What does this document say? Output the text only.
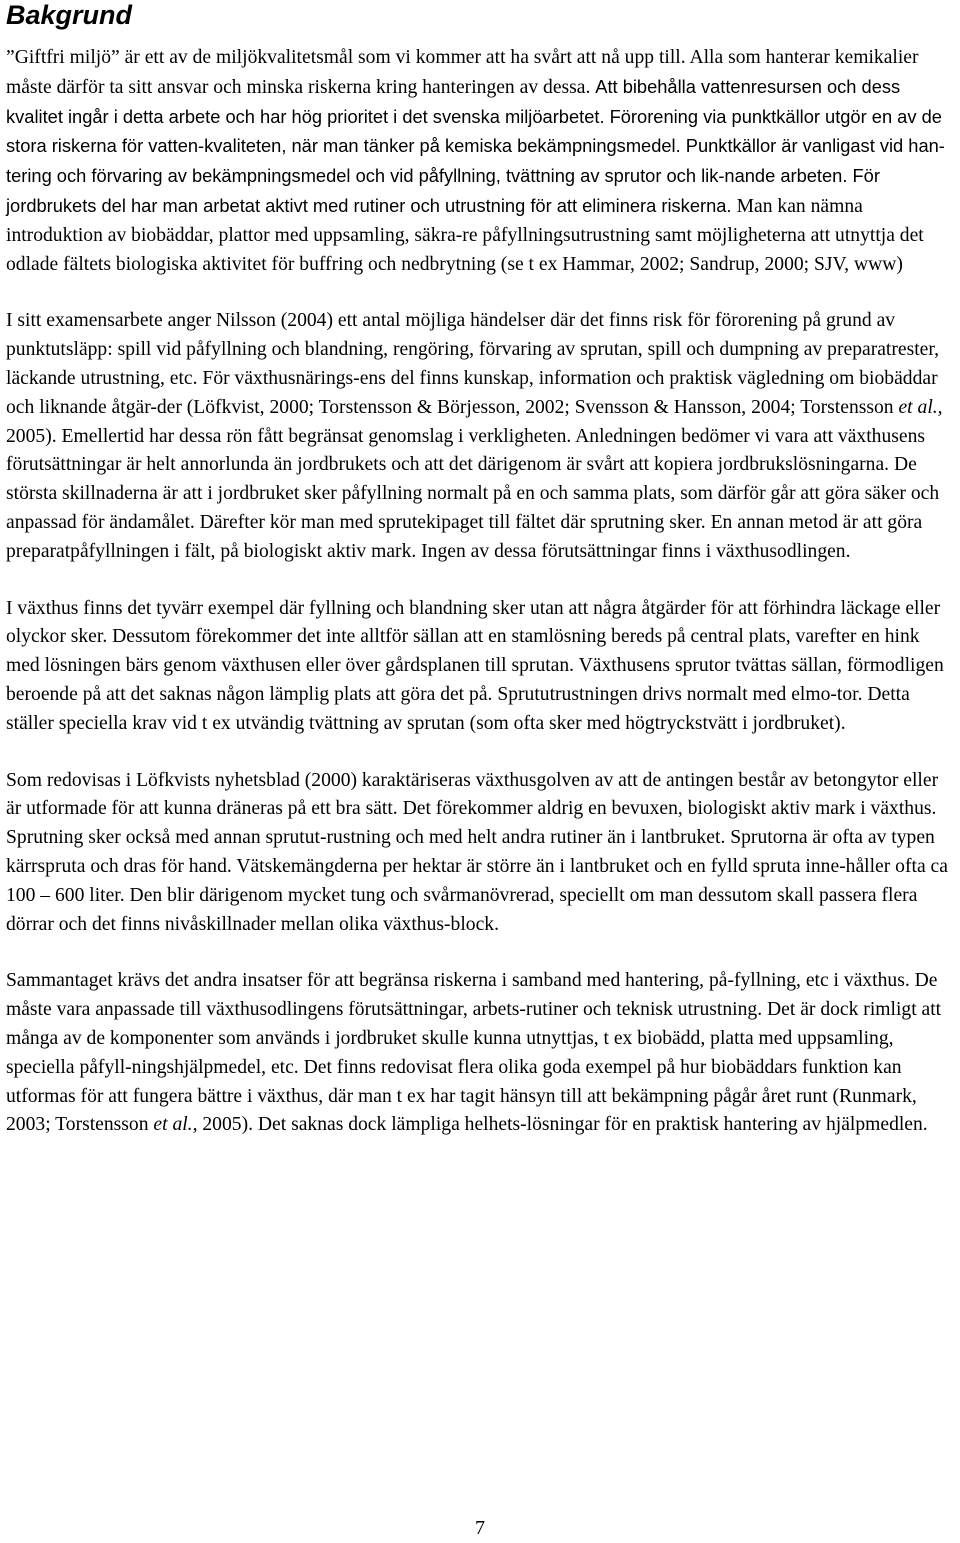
Bakgrund

”Giftfri miljö” är ett av de miljökvalitetsmål som vi kommer att ha svårt att nå upp till. Alla som hanterar kemikalier måste därför ta sitt ansvar och minska riskerna kring hanteringen av dessa. Att bibehålla vattenresursen och dess kvalitet ingår i detta arbete och har hög prioritet i det svenska miljöarbetet. Förorening via punktkällor utgör en av de stora riskerna för vatten-kvaliteten, när man tänker på kemiska bekämpningsmedel. Punktkällor är vanligast vid han-tering och förvaring av bekämpningsmedel och vid påfyllning, tvättning av sprutor och lik-nande arbeten. För jordbrukets del har man arbetat aktivt med rutiner och utrustning för att eliminera riskerna. Man kan nämna introduktion av biobäddar, plattor med uppsamling, säkra-re påfyllningsutrustning samt möjligheterna att utnyttja det odlade fältets biologiska aktivitet för buffring och nedbrytning (se t ex Hammar, 2002; Sandrup, 2000; SJV, www)

I sitt examensarbete anger Nilsson (2004) ett antal möjliga händelser där det finns risk för förorening på grund av punktutsläpp: spill vid påfyllning och blandning, rengöring, förvaring av sprutan, spill och dumpning av preparatrester, läckande utrustning, etc. För växthusnärings-ens del finns kunskap, information och praktisk vägledning om biobäddar och liknande åtgär-der (Löfkvist, 2000; Torstensson & Börjesson, 2002; Svensson & Hansson, 2004; Torstensson et al., 2005). Emellertid har dessa rön fått begränsat genomslag i verkligheten. Anledningen bedömer vi vara att växthusens förutsättningar är helt annorlunda än jordbrukets och att det därigenom är svårt att kopiera jordbrukslösningarna. De största skillnaderna är att i jordbruket sker påfyllning normalt på en och samma plats, som därför går att göra säker och anpassad för ändamålet. Därefter kör man med sprutekipaget till fältet där sprutning sker. En annan metod är att göra preparatpåfyllningen i fält, på biologiskt aktiv mark. Ingen av dessa förutsättningar finns i växthusodlingen.

I växthus finns det tyvärr exempel där fyllning och blandning sker utan att några åtgärder för att förhindra läckage eller olyckor sker. Dessutom förekommer det inte alltför sällan att en stamlösning bereds på central plats, varefter en hink med lösningen bärs genom växthusen eller över gårdsplanen till sprutan. Växthusens sprutor tvättas sällan, förmodligen beroende på att det saknas någon lämplig plats att göra det på. Sprututrustningen drivs normalt med elmo-tor. Detta ställer speciella krav vid t ex utvändig tvättning av sprutan (som ofta sker med högtryckstvätt i jordbruket).

Som redovisas i Löfkvists nyhetsblad (2000) karaktäriseras växthusgolven av att de antingen består av betongytor eller är utformade för att kunna dräneras på ett bra sätt. Det förekommer aldrig en bevuxen, biologiskt aktiv mark i växthus. Sprutning sker också med annan sprutut-rustning och med helt andra rutiner än i lantbruket. Sprutorna är ofta av typen kärrspruta och dras för hand. Vätskemängderna per hektar är större än i lantbruket och en fylld spruta inne-håller ofta ca 100 – 600 liter. Den blir därigenom mycket tung och svårmanövrerad, speciellt om man dessutom skall passera flera dörrar och det finns nivåskillnader mellan olika växthus-block.

Sammantaget krävs det andra insatser för att begränsa riskerna i samband med hantering, på-fyllning, etc i växthus. De måste vara anpassade till växthusodlingens förutsättningar, arbets-rutiner och teknisk utrustning. Det är dock rimligt att många av de komponenter som används i jordbruket skulle kunna utnyttjas, t ex biobädd, platta med uppsamling, speciella påfyll-ningshjälpmedel, etc. Det finns redovisat flera olika goda exempel på hur biobäddars funktion kan utformas för att fungera bättre i växthus, där man t ex har tagit hänsyn till att bekämpning pågår året runt (Runmark, 2003; Torstensson et al., 2005). Det saknas dock lämpliga helhets-lösningar för en praktisk hantering av hjälpmedlen.

7
